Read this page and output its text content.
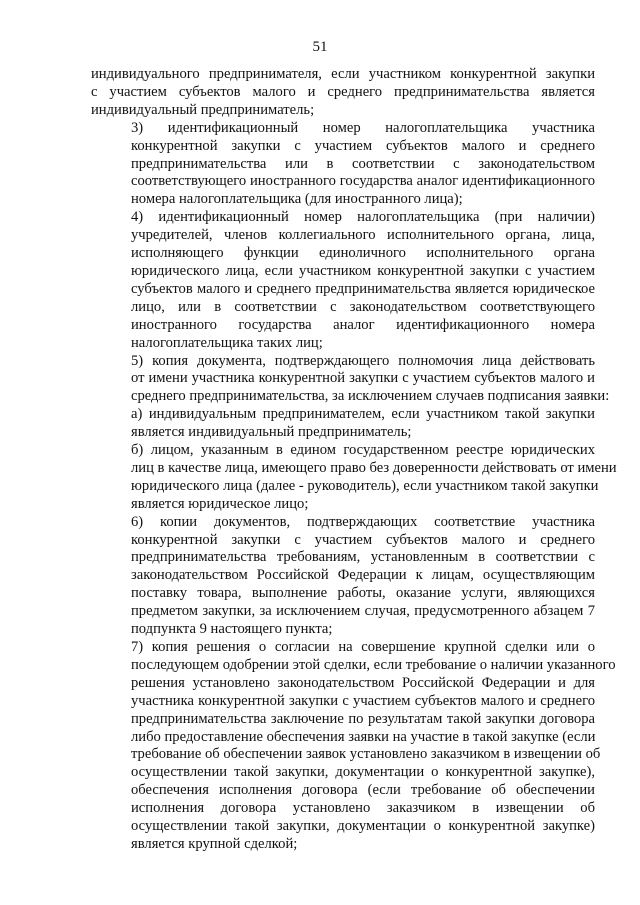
51

индивидуального предпринимателя, если участником конкурентной закупки
с участием субъектов малого и среднего предпринимательства является
индивидуальный предприниматель;

3) идентификационный номер налогоплательщика участника
конкурентной закупки с участием субъектов малого и среднего
предпринимательства или в соответствии с законодательством
соответствующего иностранного государства аналог идентификационного
номера налогоплательщика (для иностранного лица);

4) идентификационный номер налогоплательщика (при наличии)
учредителей, членов коллегиального исполнительного органа, лица,
исполняющего функции единоличного исполнительного органа
юридического лица, если участником конкурентной закупки с участием
субъектов малого и среднего предпринимательства является юридическое
лицо, или в соответствии с законодательством соответствующего
иностранного государства аналог идентификационного номера
налогоплательщика таких лиц;

5) копия документа, подтверждающего полномочия лица действовать
от имени участника конкурентной закупки с участием субъектов малого и
среднего предпринимательства, за исключением случаев подписания заявки:

а) индивидуальным предпринимателем, если участником такой закупки
является индивидуальный предприниматель;

б) лицом, указанным в едином государственном реестре юридических
лиц в качестве лица, имеющего право без доверенности действовать от имени
юридического лица (далее - руководитель), если участником такой закупки
является юридическое лицо;

6) копии документов, подтверждающих соответствие участника
конкурентной закупки с участием субъектов малого и среднего
предпринимательства требованиям, установленным в соответствии с
законодательством Российской Федерации к лицам, осуществляющим
поставку товара, выполнение работы, оказание услуги, являющихся
предметом закупки, за исключением случая, предусмотренного абзацем 7
подпункта 9 настоящего пункта;

7) копия решения о согласии на совершение крупной сделки или о
последующем одобрении этой сделки, если требование о наличии указанного
решения установлено законодательством Российской Федерации и для
участника конкурентной закупки с участием субъектов малого и среднего
предпринимательства заключение по результатам такой закупки договора
либо предоставление обеспечения заявки на участие в такой закупке (если
требование об обеспечении заявок установлено заказчиком в извещении об
осуществлении такой закупки, документации о конкурентной закупке),
обеспечения исполнения договора (если требование об обеспечении
исполнения договора установлено заказчиком в извещении об
осуществлении такой закупки, документации о конкурентной закупке)
является крупной сделкой;
